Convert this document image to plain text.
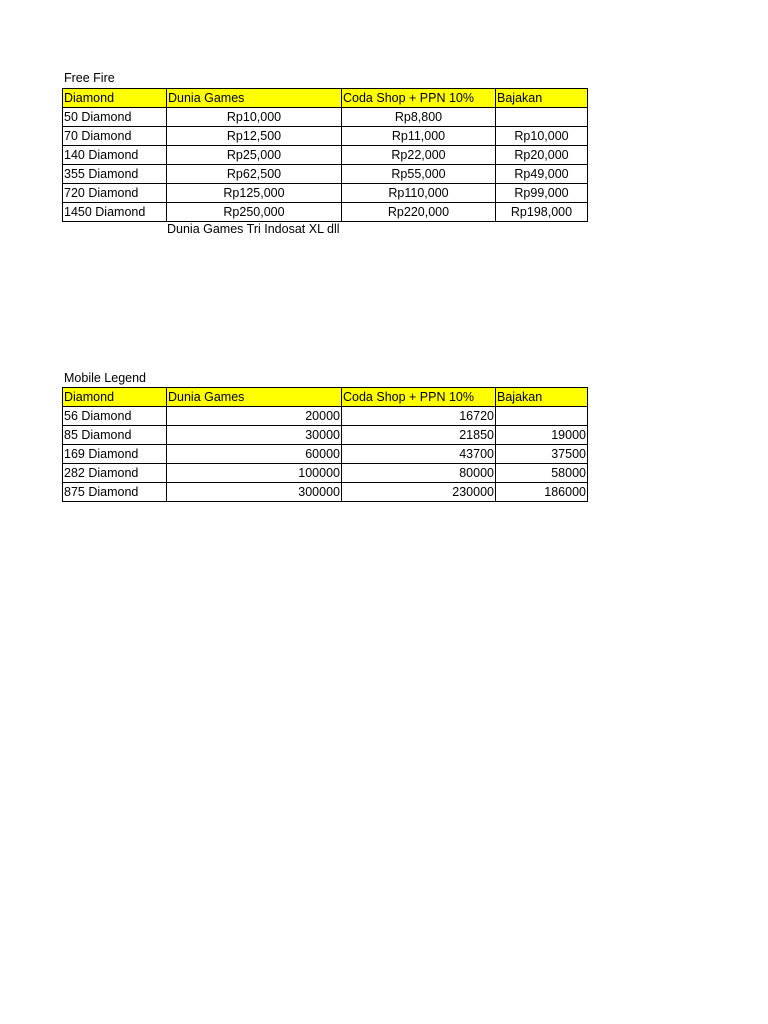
Free Fire
Diamond	Dunia Games	Coda Shop + PPN 10%	Bajakan
50 Diamond	Rp10,000	Rp8,800	
70 Diamond	Rp12,500	Rp11,000	Rp10,000
140 Diamond	Rp25,000	Rp22,000	Rp20,000
355 Diamond	Rp62,500	Rp55,000	Rp49,000
720 Diamond	Rp125,000	Rp110,000	Rp99,000
1450 Diamond	Rp250,000	Rp220,000	Rp198,000
Dunia Games Tri Indosat XL dll
Mobile Legend
Diamond	Dunia Games	Coda Shop + PPN 10%	Bajakan
56 Diamond	20000	16720	
85 Diamond	30000	21850	19000
169 Diamond	60000	43700	37500
282 Diamond	100000	80000	58000
875 Diamond	300000	230000	186000
